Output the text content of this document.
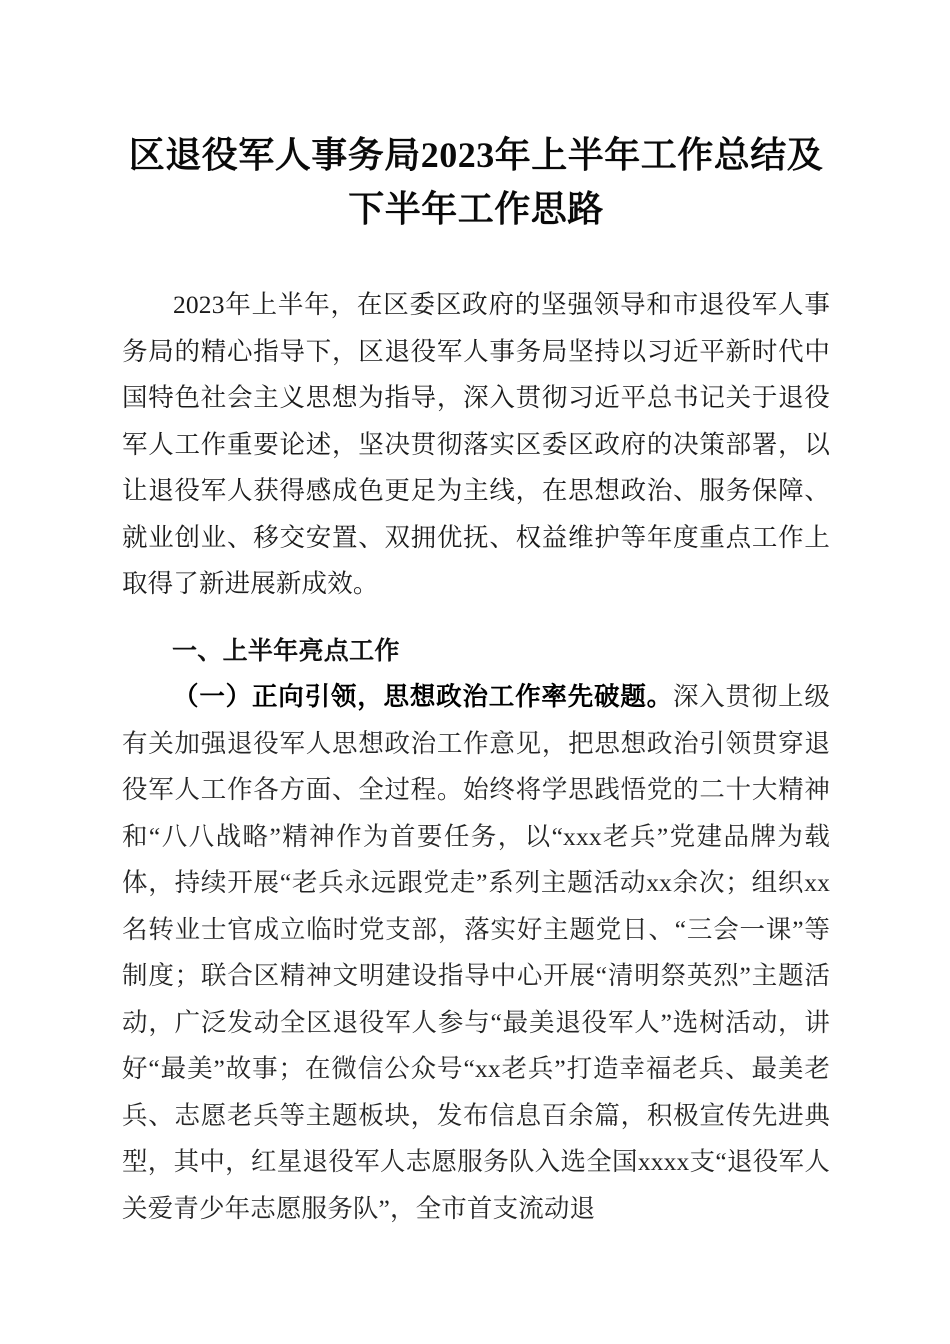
区退役军人事务局2023年上半年工作总结及
下半年工作思路

2023年上半年，在区委区政府的坚强领导和市退役军人事务局的精心指导下，区退役军人事务局坚持以习近平新时代中国特色社会主义思想为指导，深入贯彻习近平总书记关于退役军人工作重要论述，坚决贯彻落实区委区政府的决策部署，以让退役军人获得感成色更足为主线，在思想政治、服务保障、就业创业、移交安置、双拥优抚、权益维护等年度重点工作上取得了新进展新成效。

一、上半年亮点工作

（一）正向引领，思想政治工作率先破题。深入贯彻上级有关加强退役军人思想政治工作意见，把思想政治引领贯穿退役军人工作各方面、全过程。始终将学思践悟党的二十大精神和“八八战略”精神作为首要任务，以“xxx老兵”党建品牌为载体，持续开展“老兵永远跟党走”系列主题活动xx余次；组织xx名转业士官成立临时党支部，落实好主题党日、“三会一课”等制度；联合区精神文明建设指导中心开展“清明祭英烈”主题活动，广泛发动全区退役军人参与“最美退役军人”选树活动，讲好“最美”故事；在微信公众号“xx老兵”打造幸福老兵、最美老兵、志愿老兵等主题板块，发布信息百余篇，积极宣传先进典型，其中，红星退役军人志愿服务队入选全国xxxx支“退役军人关爱青少年志愿服务队”，全市首支流动退
